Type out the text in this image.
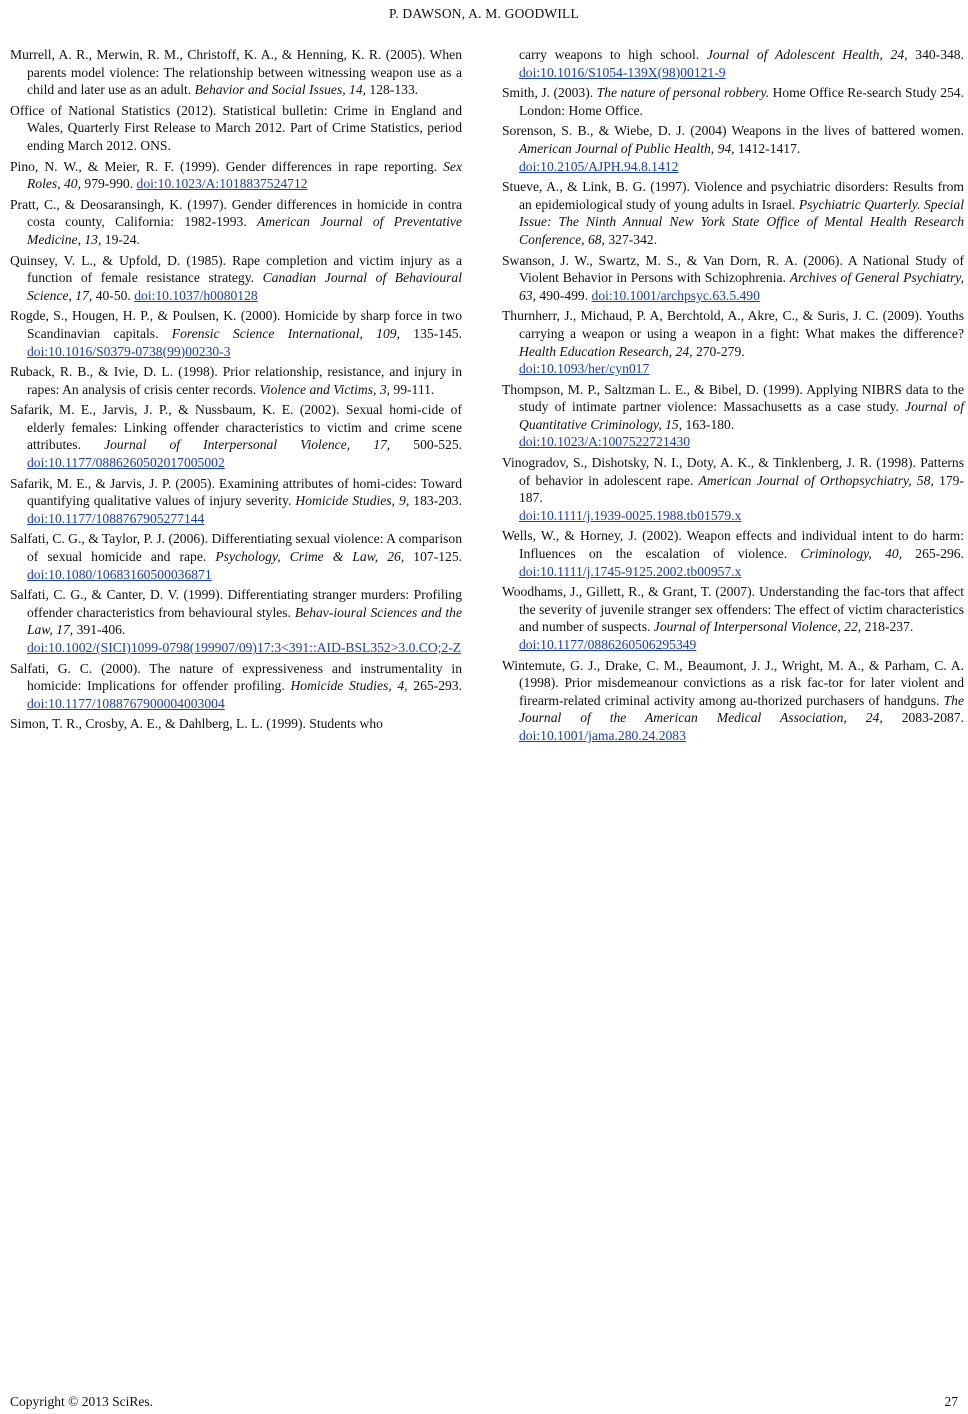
P. DAWSON, A. M. GOODWILL

Murrell, A. R., Merwin, R. M., Christoff, K. A., & Henning, K. R. (2005). When parents model violence: The relationship between witnessing weapon use as a child and later use as an adult. Behavior and Social Issues, 14, 128-133.

Office of National Statistics (2012). Statistical bulletin: Crime in England and Wales, Quarterly First Release to March 2012. Part of Crime Statistics, period ending March 2012. ONS.

Pino, N. W., & Meier, R. F. (1999). Gender differences in rape reporting. Sex Roles, 40, 979-990. doi:10.1023/A:1018837524712

Pratt, C., & Deosaransingh, K. (1997). Gender differences in homicide in contra costa county, California: 1982-1993. American Journal of Preventative Medicine, 13, 19-24.

Quinsey, V. L., & Upfold, D. (1985). Rape completion and victim injury as a function of female resistance strategy. Canadian Journal of Behavioural Science, 17, 40-50. doi:10.1037/h0080128

Rogde, S., Hougen, H. P., & Poulsen, K. (2000). Homicide by sharp force in two Scandinavian capitals. Forensic Science International, 109, 135-145. doi:10.1016/S0379-0738(99)00230-3

Ruback, R. B., & Ivie, D. L. (1998). Prior relationship, resistance, and injury in rapes: An analysis of crisis center records. Violence and Victims, 3, 99-111.

Safarik, M. E., Jarvis, J. P., & Nussbaum, K. E. (2002). Sexual homi-cide of elderly females: Linking offender characteristics to victim and crime scene attributes. Journal of Interpersonal Violence, 17, 500-525. doi:10.1177/0886260502017005002

Safarik, M. E., & Jarvis, J. P. (2005). Examining attributes of homi-cides: Toward quantifying qualitative values of injury severity. Homicide Studies, 9, 183-203. doi:10.1177/1088767905277144

Salfati, C. G., & Taylor, P. J. (2006). Differentiating sexual violence: A comparison of sexual homicide and rape. Psychology, Crime & Law, 26, 107-125. doi:10.1080/10683160500036871

Salfati, C. G., & Canter, D. V. (1999). Differentiating stranger murders: Profiling offender characteristics from behavioural styles. Behav-ioural Sciences and the Law, 17, 391-406.
doi:10.1002/(SICI)1099-0798(199907/09)17:3<391::AID-BSL352>3.0.CO;2-Z

Salfati, G. C. (2000). The nature of expressiveness and instrumentality in homicide: Implications for offender profiling. Homicide Studies, 4, 265-293. doi:10.1177/1088767900004003004

Simon, T. R., Crosby, A. E., & Dahlberg, L. L. (1999). Students who

carry weapons to high school. Journal of Adolescent Health, 24, 340-348. doi:10.1016/S1054-139X(98)00121-9

Smith, J. (2003). The nature of personal robbery. Home Office Re-search Study 254. London: Home Office.

Sorenson, S. B., & Wiebe, D. J. (2004) Weapons in the lives of battered women. American Journal of Public Health, 94, 1412-1417.
doi:10.2105/AJPH.94.8.1412

Stueve, A., & Link, B. G. (1997). Violence and psychiatric disorders: Results from an epidemiological study of young adults in Israel. Psychiatric Quarterly. Special Issue: The Ninth Annual New York State Office of Mental Health Research Conference, 68, 327-342.

Swanson, J. W., Swartz, M. S., & Van Dorn, R. A. (2006). A National Study of Violent Behavior in Persons with Schizophrenia. Archives of General Psychiatry, 63, 490-499. doi:10.1001/archpsyc.63.5.490

Thurnherr, J., Michaud, P. A, Berchtold, A., Akre, C., & Suris, J. C. (2009). Youths carrying a weapon or using a weapon in a fight: What makes the difference? Health Education Research, 24, 270-279.
doi:10.1093/her/cyn017

Thompson, M. P., Saltzman L. E., & Bibel, D. (1999). Applying NIBRS data to the study of intimate partner violence: Massachusetts as a case study. Journal of Quantitative Criminology, 15, 163-180.
doi:10.1023/A:1007522721430

Vinogradov, S., Dishotsky, N. I., Doty, A. K., & Tinklenberg, J. R. (1998). Patterns of behavior in adolescent rape. American Journal of Orthopsychiatry, 58, 179-187.
doi:10.1111/j.1939-0025.1988.tb01579.x

Wells, W., & Horney, J. (2002). Weapon effects and individual intent to do harm: Influences on the escalation of violence. Criminology, 40, 265-296. doi:10.1111/j.1745-9125.2002.tb00957.x

Woodhams, J., Gillett, R., & Grant, T. (2007). Understanding the fac-tors that affect the severity of juvenile stranger sex offenders: The effect of victim characteristics and number of suspects. Journal of Interpersonal Violence, 22, 218-237.
doi:10.1177/0886260506295349

Wintemute, G. J., Drake, C. M., Beaumont, J. J., Wright, M. A., & Parham, C. A. (1998). Prior misdemeanour convictions as a risk fac-tor for later violent and firearm-related criminal activity among au-thorized purchasers of handguns. The Journal of the American Medical Association, 24, 2083-2087. doi:10.1001/jama.280.24.2083

Copyright © 2013 SciRes.	27
